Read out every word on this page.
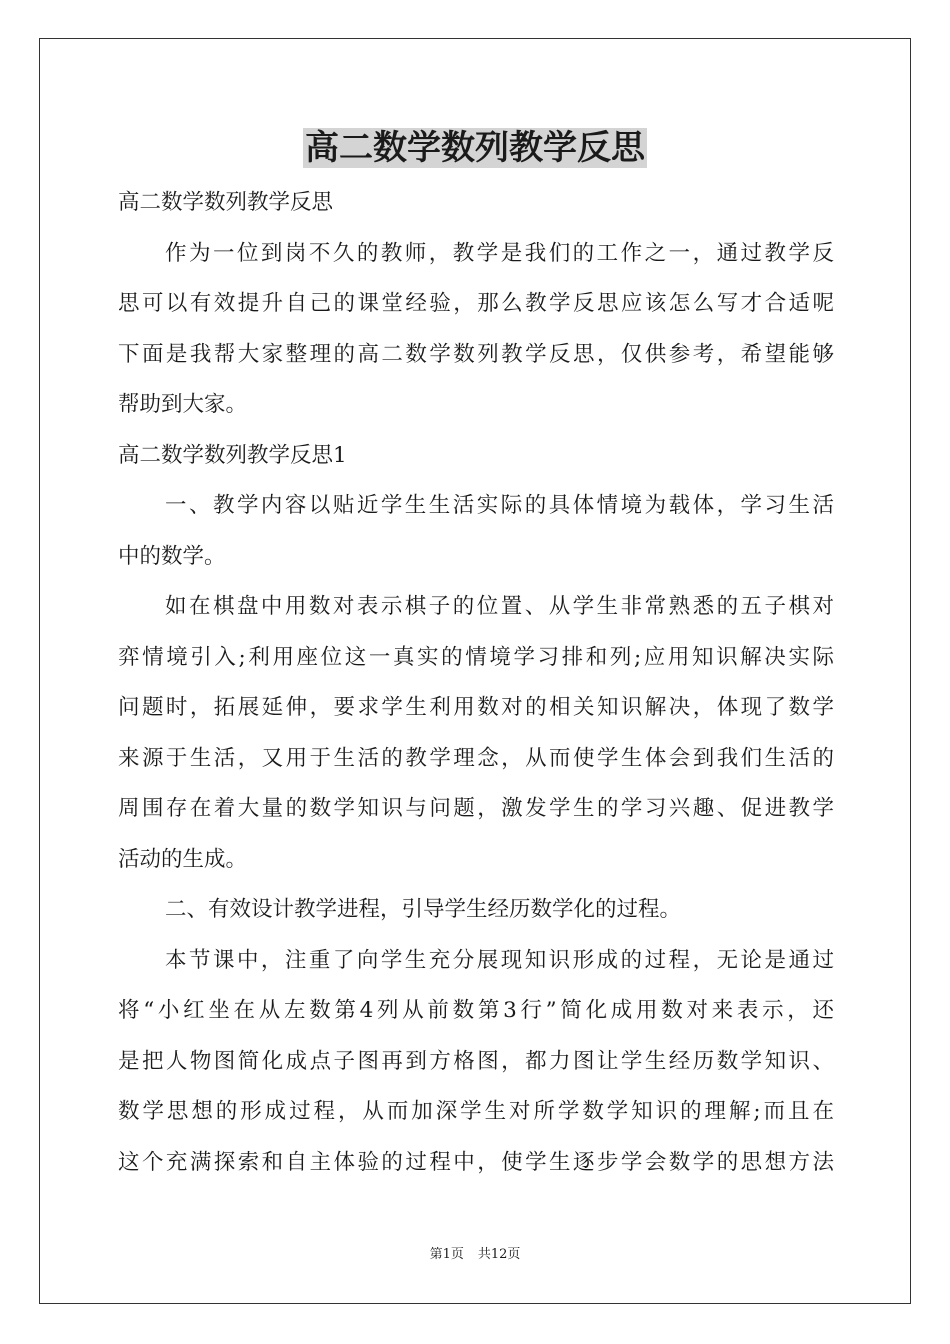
高二数学数列教学反思
高二数学数列教学反思
作为一位到岗不久的教师，教学是我们的工作之一，通过教学反
思可以有效提升自己的课堂经验，那么教学反思应该怎么写才合适呢
下面是我帮大家整理的高二数学数列教学反思，仅供参考，希望能够
帮助到大家。
高二数学数列教学反思1
一、教学内容以贴近学生生活实际的具体情境为载体，学习生活
中的数学。
如在棋盘中用数对表示棋子的位置、从学生非常熟悉的五子棋对
弈情境引入;利用座位这一真实的情境学习排和列;应用知识解决实际
问题时，拓展延伸，要求学生利用数对的相关知识解决，体现了数学
来源于生活，又用于生活的教学理念，从而使学生体会到我们生活的
周围存在着大量的数学知识与问题，激发学生的学习兴趣、促进教学
活动的生成。
二、有效设计教学进程，引导学生经历数学化的过程。
本节课中，注重了向学生充分展现知识形成的过程，无论是通过
将“小红坐在从左数第4列从前数第3行”简化成用数对来表示，还
是把人物图简化成点子图再到方格图，都力图让学生经历数学知识、
数学思想的形成过程，从而加深学生对所学数学知识的理解;而且在
这个充满探索和自主体验的过程中，使学生逐步学会数学的思想方法
第1页 共12页
